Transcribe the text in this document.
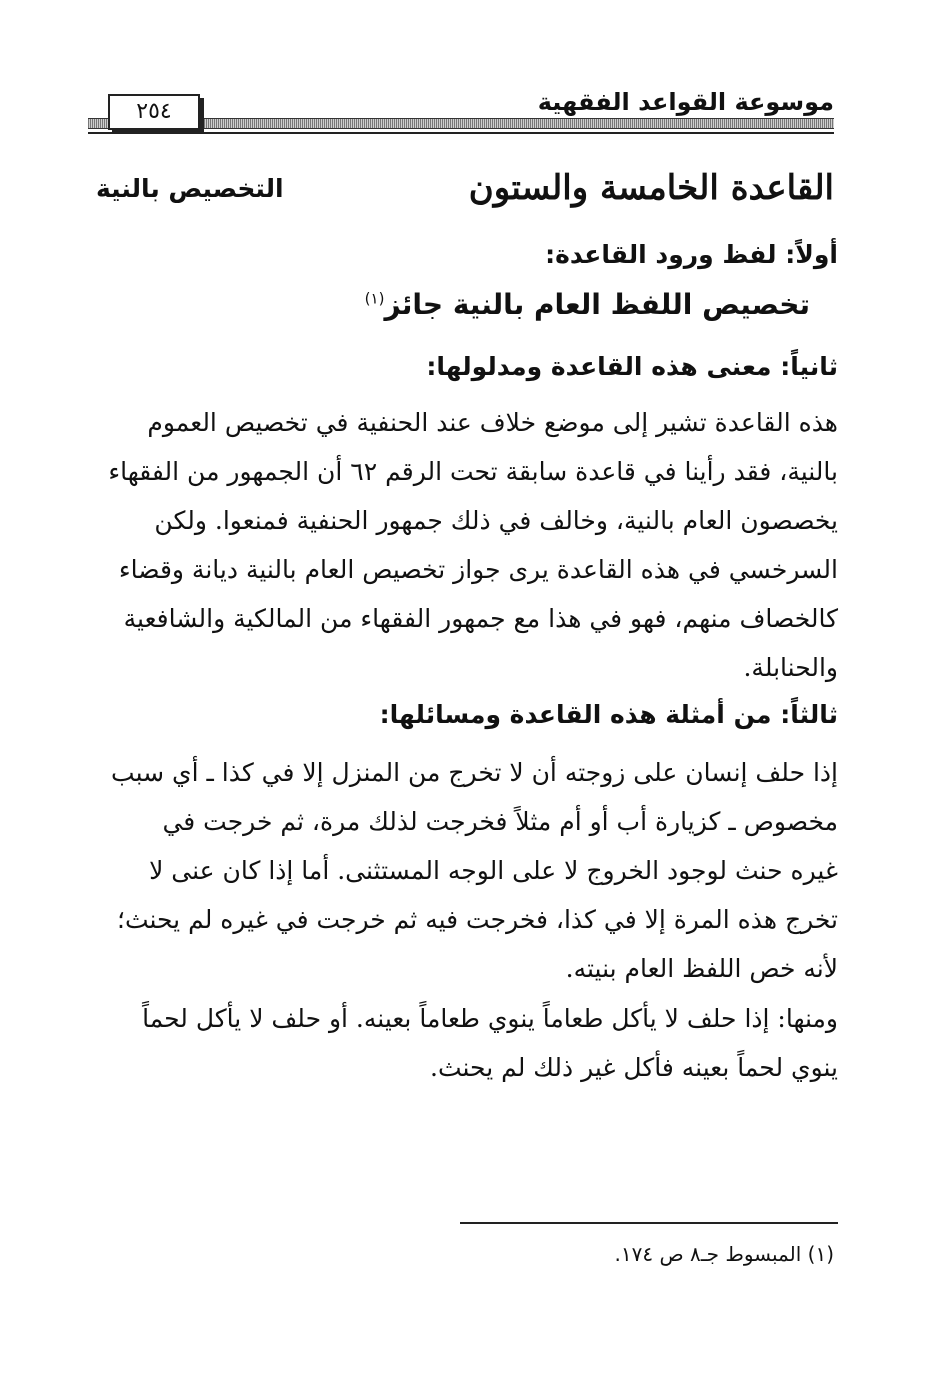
موسوعة القواعد الفقهية
٢٥٤
القاعدة الخامسة والستون
التخصيص بالنية
أولاً: لفظ ورود القاعدة:
تخصيص اللفظ العام بالنية جائز$^{(١)}$
ثانياً: معنى هذه القاعدة ومدلولها:
هذه القاعدة تشير إلى موضع خلاف عند الحنفية في تخصيص العموم
بالنية، فقد رأينا في قاعدة سابقة تحت الرقم ٦٢ أن الجمهور من الفقهاء
يخصصون العام بالنية، وخالف في ذلك جمهور الحنفية فمنعوا. ولكن
السرخسي في هذه القاعدة يرى جواز تخصيص العام بالنية ديانة وقضاء
كالخصاف منهم، فهو في هذا مع جمهور الفقهاء من المالكية والشافعية
والحنابلة.
ثالثاً: من أمثلة هذه القاعدة ومسائلها:
إذا حلف إنسان على زوجته أن لا تخرج من المنزل إلا في كذا ـ أي سبب
مخصوص ـ كزيارة أب أو أم مثلاً فخرجت لذلك مرة، ثم خرجت في
غيره حنث لوجود الخروج لا على الوجه المستثنى. أما إذا كان عنى لا
تخرج هذه المرة إلا في كذا، فخرجت فيه ثم خرجت في غيره لم يحنث؛
لأنه خص اللفظ العام بنيته.
ومنها: إذا حلف لا يأكل طعاماً ينوي طعاماً بعينه. أو حلف لا يأكل لحماً
ينوي لحماً بعينه فأكل غير ذلك لم يحنث.
(١) المبسوط جـ٨ ص ١٧٤.
